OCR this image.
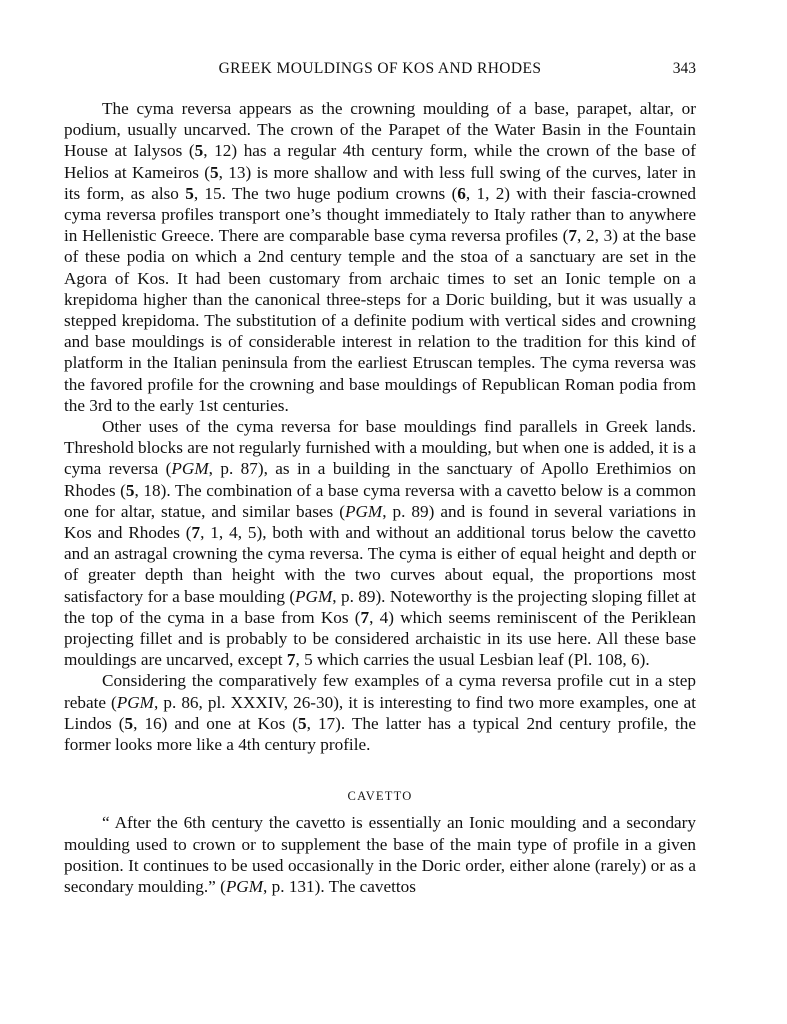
GREEK MOULDINGS OF KOS AND RHODES	343

The cyma reversa appears as the crowning moulding of a base, parapet, altar, or podium, usually uncarved. The crown of the Parapet of the Water Basin in the Fountain House at Ialysos (5, 12) has a regular 4th century form, while the crown of the base of Helios at Kameiros (5, 13) is more shallow and with less full swing of the curves, later in its form, as also 5, 15. The two huge podium crowns (6, 1, 2) with their fascia-crowned cyma reversa profiles transport one’s thought immediately to Italy rather than to anywhere in Hellenistic Greece. There are comparable base cyma reversa profiles (7, 2, 3) at the base of these podia on which a 2nd century temple and the stoa of a sanctuary are set in the Agora of Kos. It had been customary from archaic times to set an Ionic temple on a krepidoma higher than the canonical three-steps for a Doric building, but it was usually a stepped krepidoma. The substitution of a definite podium with vertical sides and crowning and base mouldings is of considerable interest in relation to the tradition for this kind of platform in the Italian peninsula from the earliest Etruscan temples. The cyma reversa was the favored profile for the crowning and base mouldings of Republican Roman podia from the 3rd to the early 1st centuries.

Other uses of the cyma reversa for base mouldings find parallels in Greek lands. Threshold blocks are not regularly furnished with a moulding, but when one is added, it is a cyma reversa (PGM, p. 87), as in a building in the sanctuary of Apollo Erethimios on Rhodes (5, 18). The combination of a base cyma reversa with a cavetto below is a common one for altar, statue, and similar bases (PGM, p. 89) and is found in several variations in Kos and Rhodes (7, 1, 4, 5), both with and without an additional torus below the cavetto and an astragal crowning the cyma reversa. The cyma is either of equal height and depth or of greater depth than height with the two curves about equal, the proportions most satisfactory for a base moulding (PGM, p. 89). Noteworthy is the projecting sloping fillet at the top of the cyma in a base from Kos (7, 4) which seems reminiscent of the Periklean projecting fillet and is probably to be considered archaistic in its use here. All these base mouldings are uncarved, except 7, 5 which carries the usual Lesbian leaf (Pl. 108, 6).

Considering the comparatively few examples of a cyma reversa profile cut in a step rebate (PGM, p. 86, pl. XXXIV, 26-30), it is interesting to find two more examples, one at Lindos (5, 16) and one at Kos (5, 17). The latter has a typical 2nd century profile, the former looks more like a 4th century profile.

CAVETTO

“ After the 6th century the cavetto is essentially an Ionic moulding and a secondary moulding used to crown or to supplement the base of the main type of profile in a given position. It continues to be used occasionally in the Doric order, either alone (rarely) or as a secondary moulding.” (PGM, p. 131). The cavettos
